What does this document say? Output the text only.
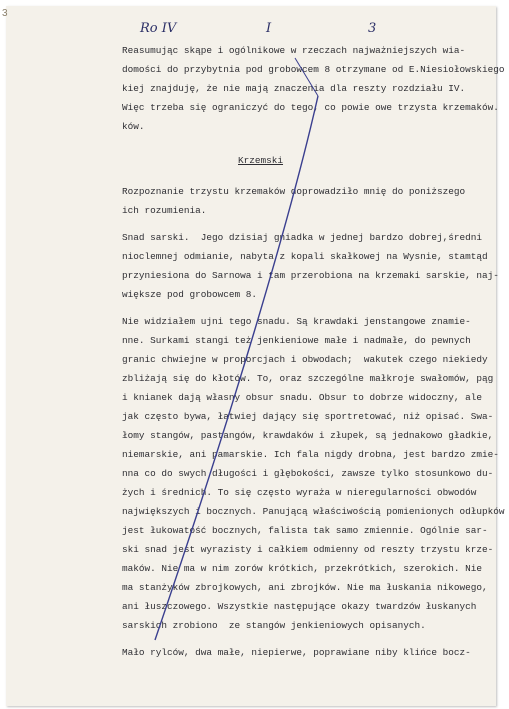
3
Ro IV	I	3
Reasumując skąpe i ogólnikowe w rzeczach najważniejszych wia-
domości do przybytnia pod grobowcem 8 otrzymane od E.Niesiołowskiego
kiej znajduję, że nie mają znaczenia dla reszty rozdziału IV.
Więc trzeba się ograniczyć do tego, co powie owe trzysta krzemaków.
ków.
Krzemski
Rozpoznanie trzystu krzemaków doprowadziło mnię do poniższego
ich rozumienia.
Snad sarski.  Jego dzisiaj gniadka w jednej bardzo dobrej,średni
nioclemnej odmianie, nabyta z kopali skałkowej na Wysnie, stamtąd
przyniesiona do Sarnowa i tam przerobiona na krzemaki sarskie, naj-
większe pod grobowcem 8.
Nie widziałem ujni tego snadu. Są krawdaki jenstangowe znamie-
nne. Surkami stangi też jenkieniowe małe i nadmałe, do pewnych
granic chwiejne w proporcjach i obwodach;  wakutek czego niekiedy
zbliżają się do kłotów. To, oraz szczególne małkroje swałomów, pąg
i knianek dają własny obsur snadu. Obsur to dobrze widoczny, ale
jak często bywa, łatwiej dający się sportretować, niż opisać. Swa-
łomy stangów, pastangów, krawdaków i złupek, są jednakowo gładkie,
niemarskie, ani pamarskie. Ich fala nigdy drobna, jest bardzo zmie-
nna co do swych długości i głębokości, zawsze tylko stosunkowo du-
żych i średnich. To się często wyraża w nieregularności obwodów
największych i bocznych. Panującą właściwością pomienionych odłupków
jest łukowatość bocznych, falista tak samo zmiennie. Ogólnie sar-
ski snad jest wyrazisty i całkiem odmienny od reszty trzystu krze-
maków. Nie ma w nim zorów krótkich, przekrótkich, szerokich. Nie
ma stanżyków zbrojkowych, ani zbrojków. Nie ma łuskania nikowego,
ani łuszczowego. Wszystkie następujące okazy twardzów łuskanych
sarskich zrobiono  ze stangów jenkieniowych opisanych.
Mało rylców, dwa małe, niepierwe, poprawiane niby klińce bocz-
